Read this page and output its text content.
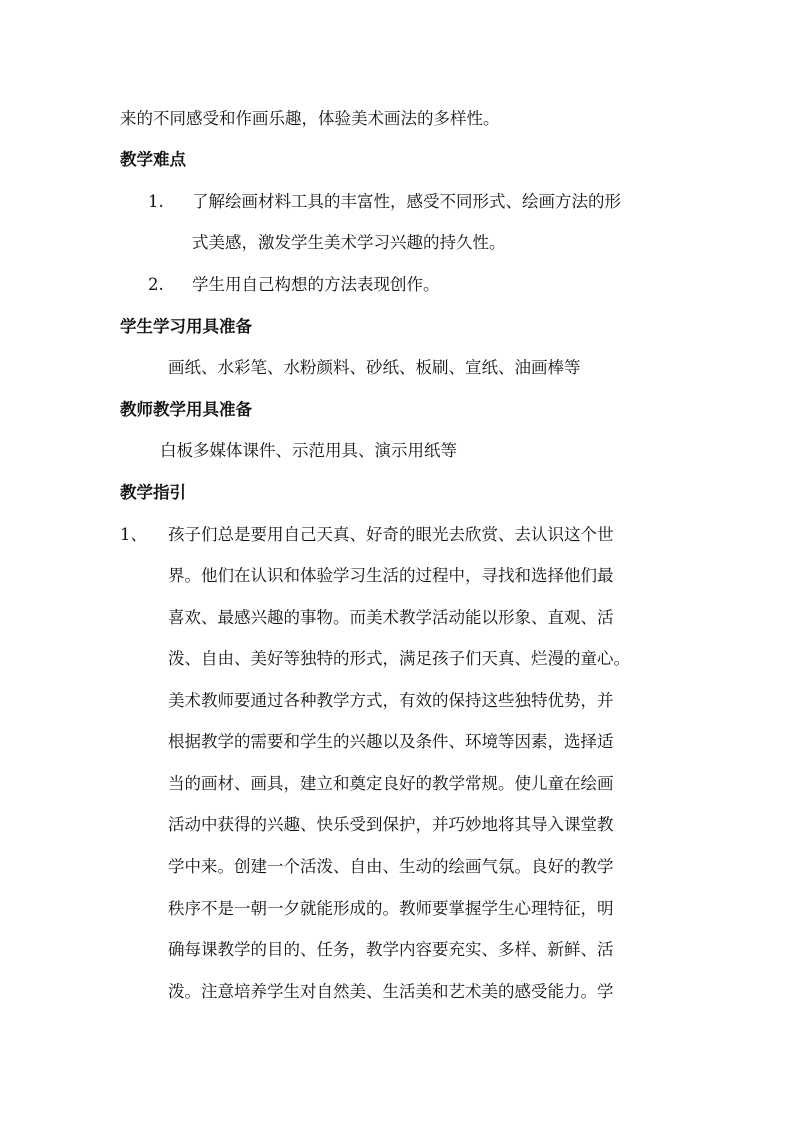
来的不同感受和作画乐趣，体验美术画法的多样性。
教学难点
1. 了解绘画材料工具的丰富性，感受不同形式、绘画方法的形
式美感，激发学生美术学习兴趣的持久性。
2. 学生用自己构想的方法表现创作。
学生学习用具准备
画纸、水彩笔、水粉颜料、砂纸、板刷、宣纸、油画棒等
教师教学用具准备
白板多媒体课件、示范用具、演示用纸等
教学指引
1、 孩子们总是要用自己天真、好奇的眼光去欣赏、去认识这个世
界。他们在认识和体验学习生活的过程中，寻找和选择他们最
喜欢、最感兴趣的事物。而美术教学活动能以形象、直观、活
泼、自由、美好等独特的形式，满足孩子们天真、烂漫的童心。
美术教师要通过各种教学方式，有效的保持这些独特优势，并
根据教学的需要和学生的兴趣以及条件、环境等因素，选择适
当的画材、画具，建立和奠定良好的教学常规。使儿童在绘画
活动中获得的兴趣、快乐受到保护，并巧妙地将其导入课堂教
学中来。创建一个活泼、自由、生动的绘画气氛。良好的教学
秩序不是一朝一夕就能形成的。教师要掌握学生心理特征，明
确每课教学的目的、任务，教学内容要充实、多样、新鲜、活
泼。注意培养学生对自然美、生活美和艺术美的感受能力。学
